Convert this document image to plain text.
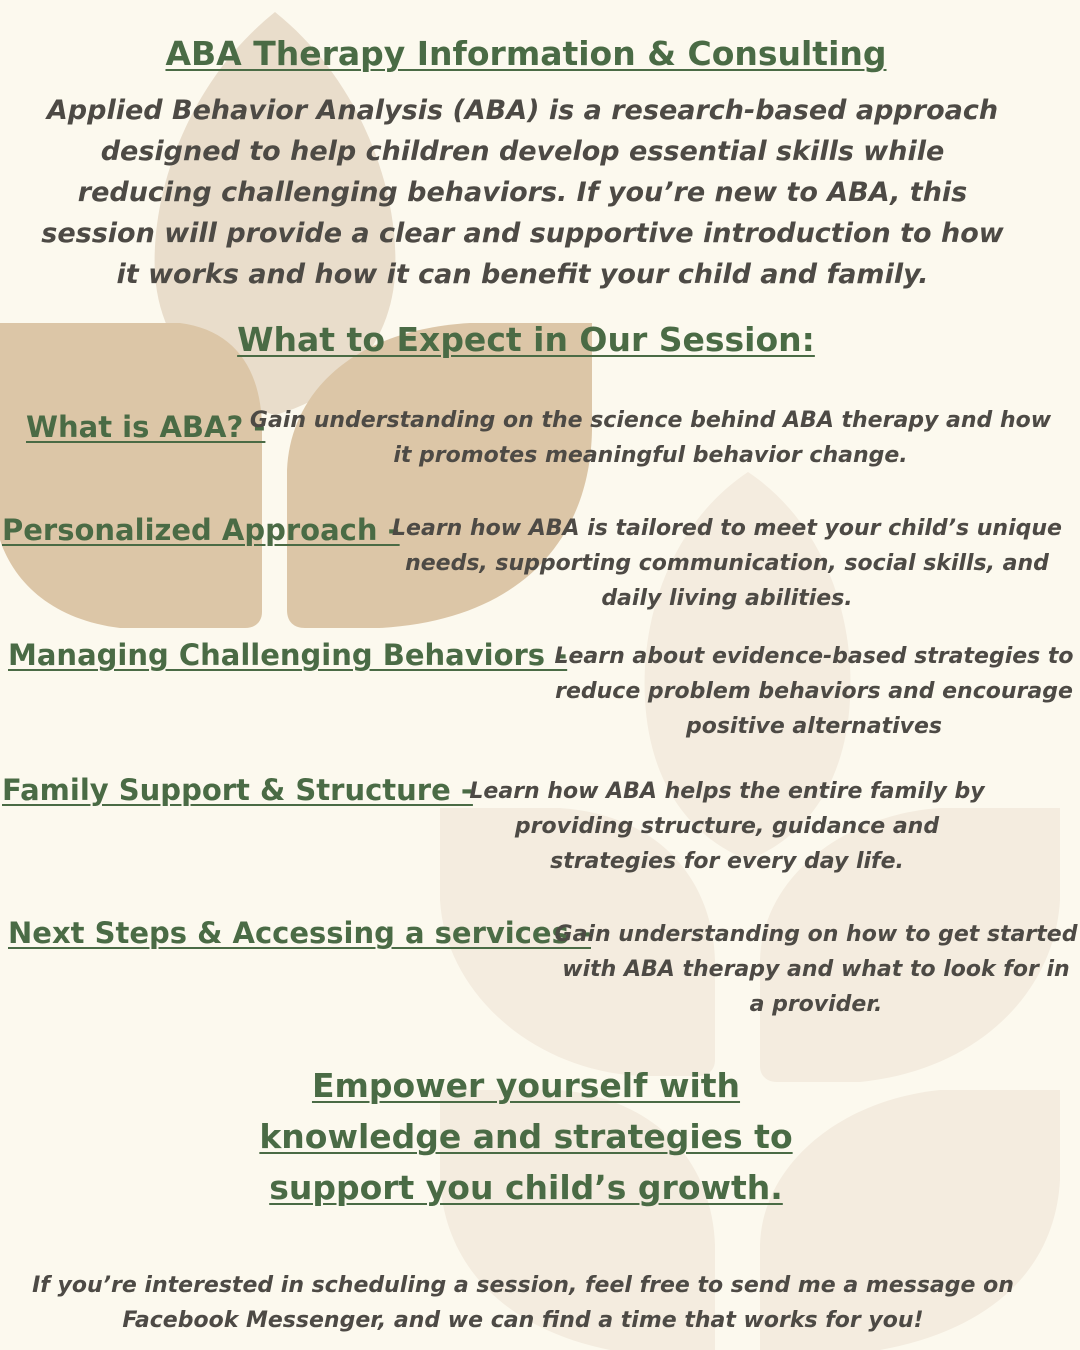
ABA Therapy Information & Consulting

Applied Behavior Analysis (ABA) is a research-based approach designed to help children develop essential skills while reducing challenging behaviors. If you’re new to ABA, this session will provide a clear and supportive introduction to how it works and how it can benefit your child and family.

What to Expect in Our Session:
What is ABA? -

Gain understanding on the science behind ABA therapy and how it promotes meaningful behavior change.

Personalized Approach -

Learn how ABA is tailored to meet your child’s unique needs, supporting communication, social skills, and daily living abilities.

Managing Challenging Behaviors -

Learn about evidence-based strategies to reduce problem behaviors and encourage positive alternatives

Family Support & Structure -

Learn how ABA helps the entire family by providing structure, guidance and strategies for every day life.

Next Steps & Accessing a services -

Gain understanding on how to get started with ABA therapy and what to look for in a provider.

Empower yourself with
knowledge and strategies to
support you child’s growth.

If you’re interested in scheduling a session, feel free to send me a message on
Facebook Messenger, and we can find a time that works for you!
